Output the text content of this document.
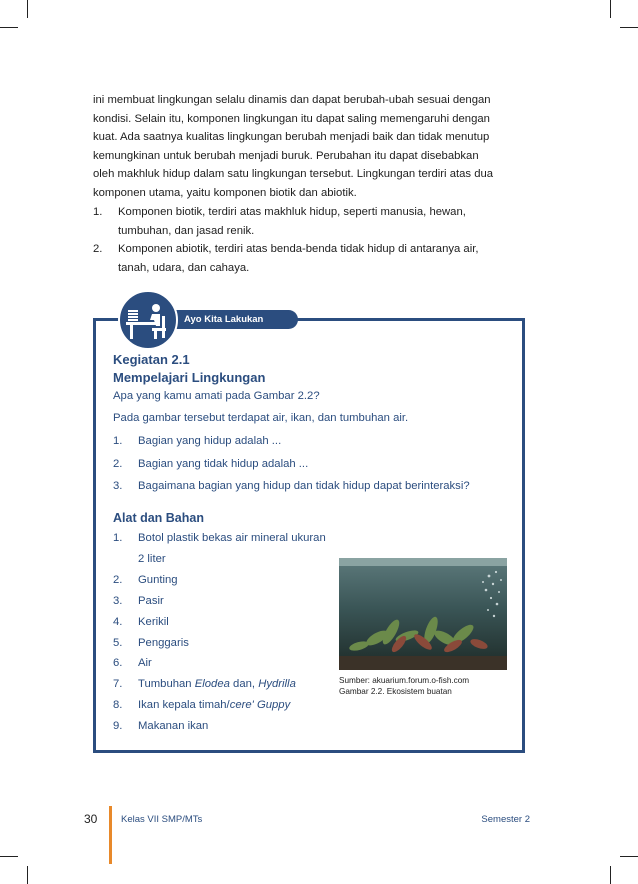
ini membuat lingkungan selalu dinamis dan dapat berubah-ubah sesuai dengan

kondisi. Selain itu, komponen lingkungan itu dapat saling memengaruhi dengan

kuat. Ada saatnya kualitas lingkungan berubah menjadi baik dan tidak menutup

kemungkinan untuk berubah menjadi buruk. Perubahan itu dapat disebabkan

oleh makhluk hidup dalam satu lingkungan tersebut. Lingkungan terdiri atas dua

komponen utama, yaitu komponen biotik dan abiotik.

1.	Komponen biotik, terdiri atas makhluk hidup, seperti manusia, hewan,
tumbuhan, dan jasad renik.
2.	Komponen abiotik, terdiri atas benda-benda tidak hidup di antaranya air,
tanah, udara, dan cahaya.
Ayo Kita Lakukan
Kegiatan 2.1
Mempelajari Lingkungan
Apa yang kamu amati pada Gambar 2.2?
Pada gambar tersebut terdapat air, ikan, dan tumbuhan air.
1.	Bagian yang hidup adalah ...
2.	Bagian yang tidak hidup adalah ...
3.	Bagaimana bagian yang hidup dan tidak hidup dapat berinteraksi?
Alat dan Bahan
1.	Botol plastik bekas air mineral ukuran 2 liter
2.	Gunting
3.	Pasir
4.	Kerikil
5.	Penggaris
6.	Air
7.	Tumbuhan Elodea dan, Hydrilla
8.	Ikan kepala timah/cere' Guppy
9.	Makanan ikan
Sumber: akuarium.forum.o-fish.com
Gambar 2.2. Ekosistem buatan
30 Kelas VII SMP/MTs	Semester 2
